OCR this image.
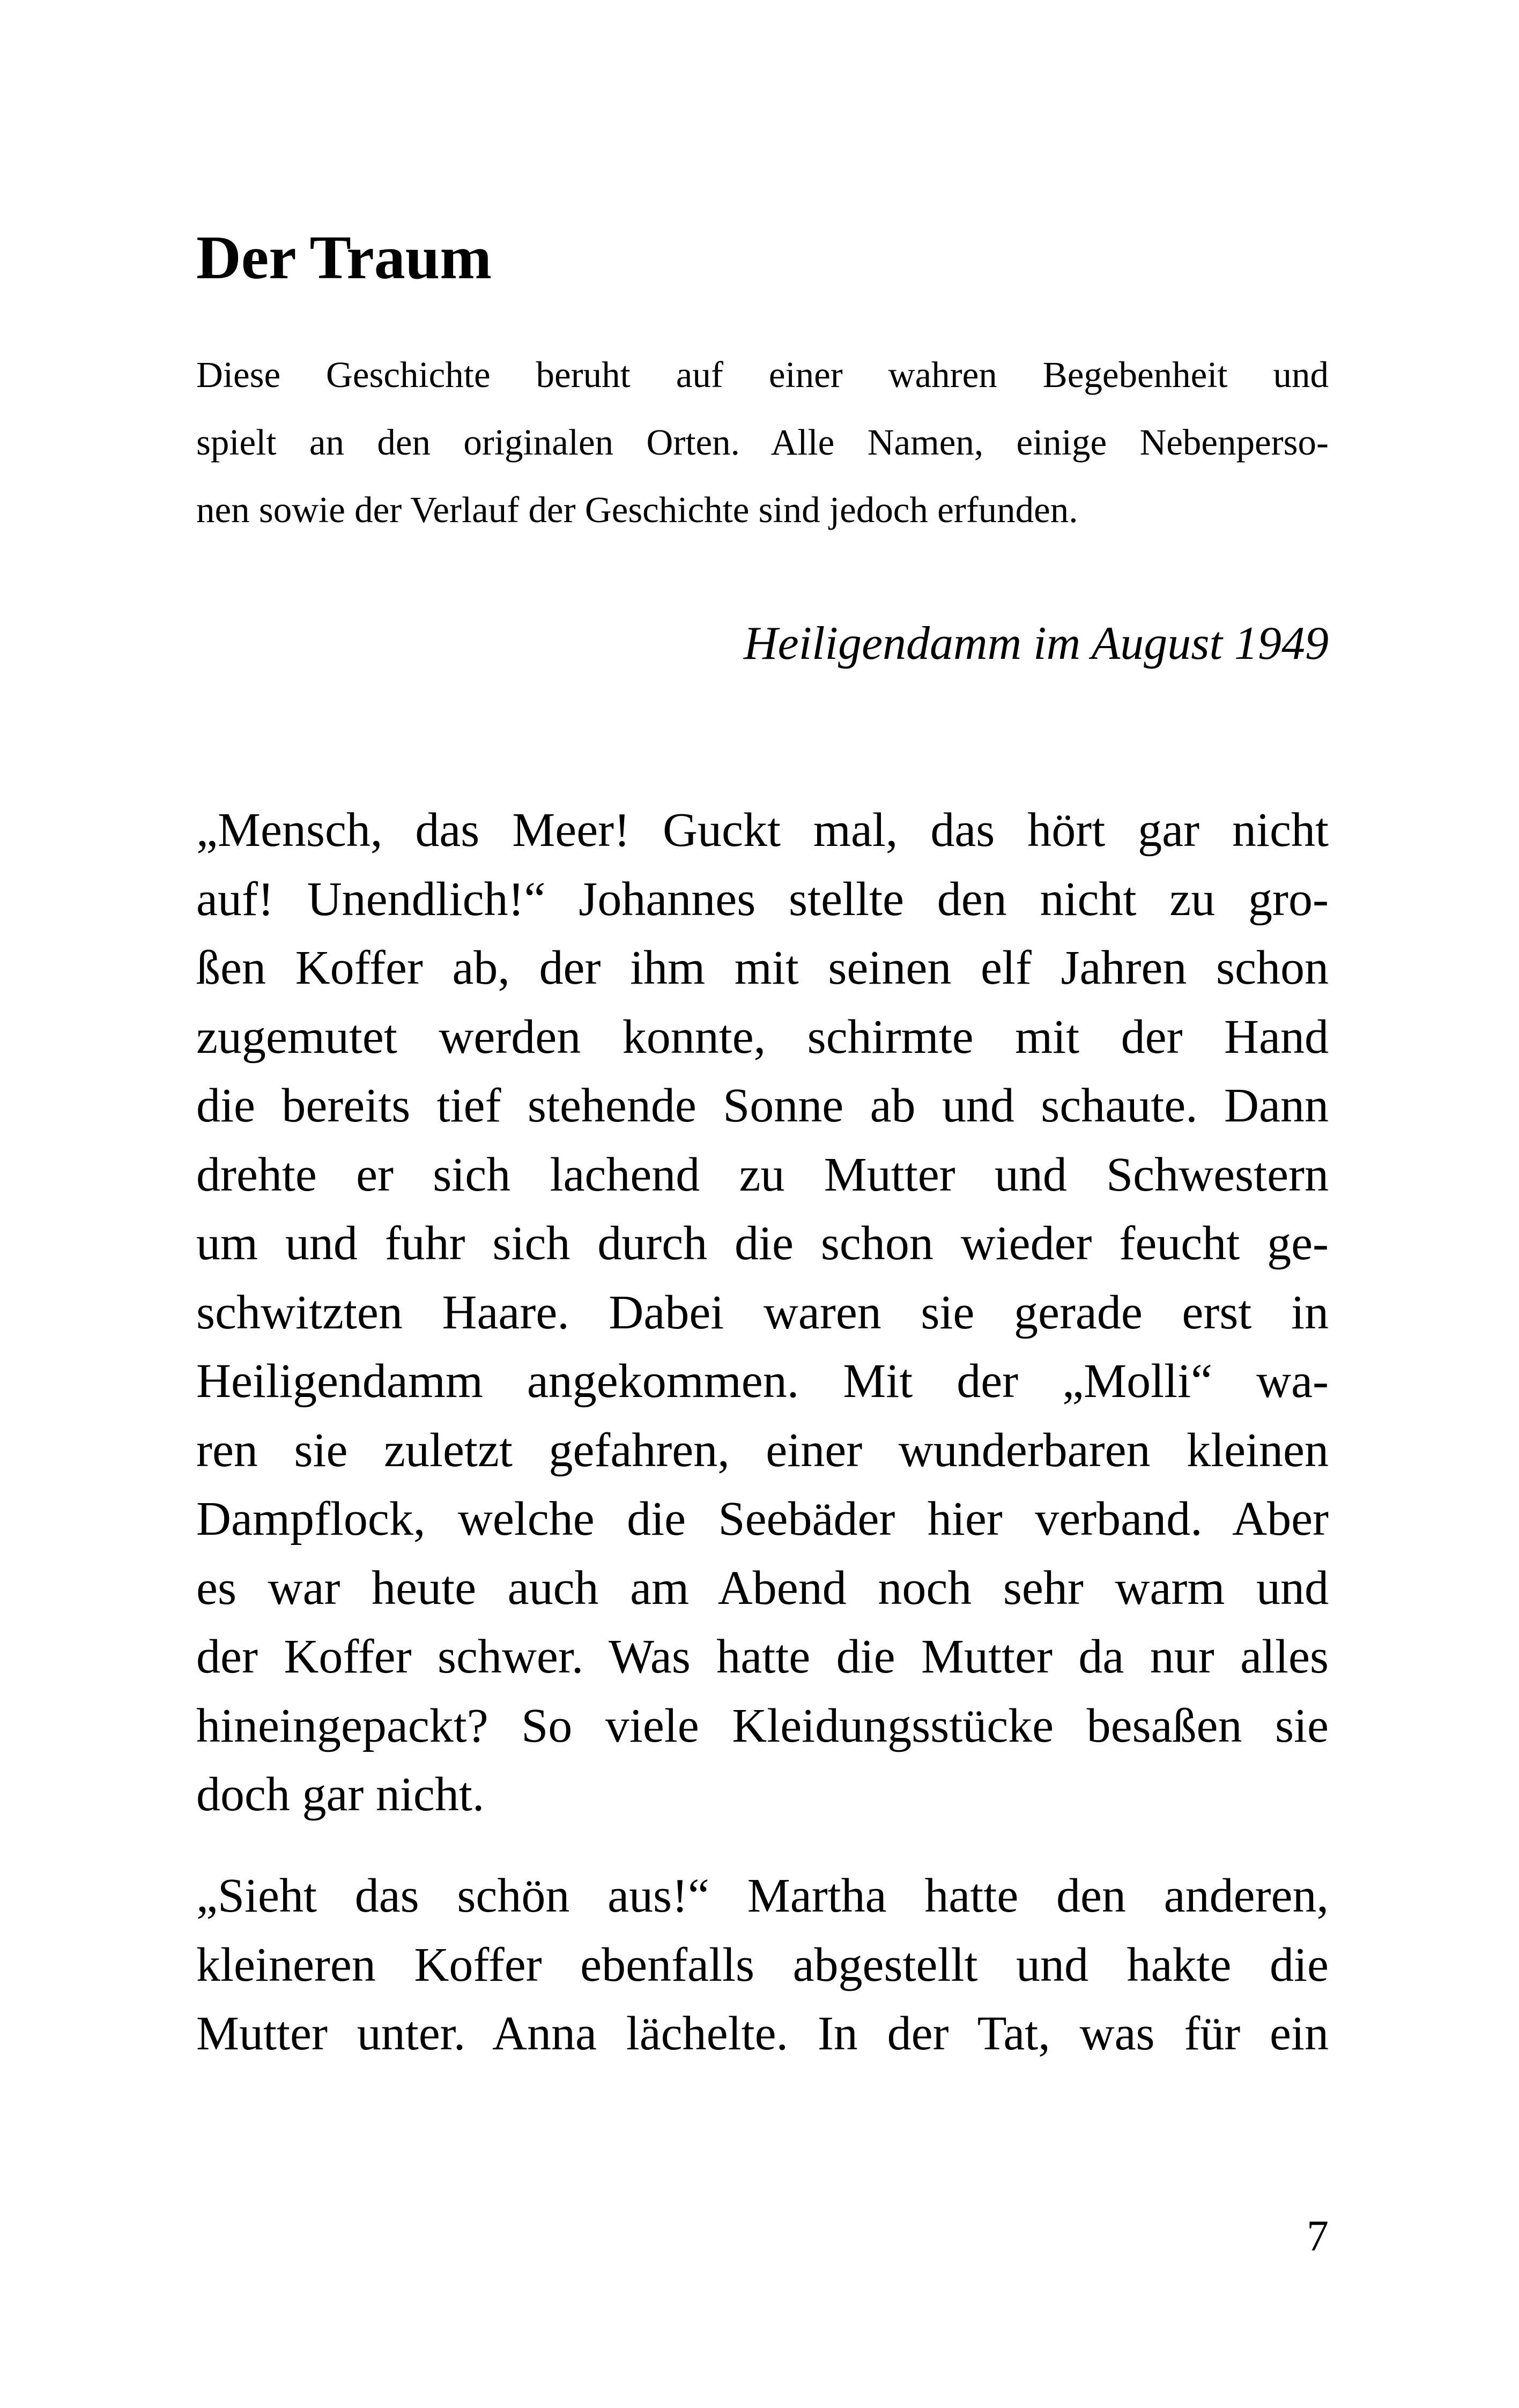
Der Traum

Diese Geschichte beruht auf einer wahren Begebenheit und
spielt an den originalen Orten. Alle Namen, einige Nebenperso-
nen sowie der Verlauf der Geschichte sind jedoch erfunden.

Heiligendamm im August 1949

„Mensch, das Meer! Guckt mal, das hört gar nicht
auf! Unendlich!“ Johannes stellte den nicht zu gro-
ßen Koffer ab, der ihm mit seinen elf Jahren schon
zugemutet werden konnte, schirmte mit der Hand
die bereits tief stehende Sonne ab und schaute. Dann
drehte er sich lachend zu Mutter und Schwestern
um und fuhr sich durch die schon wieder feucht ge-
schwitzten Haare. Dabei waren sie gerade erst in
Heiligendamm angekommen. Mit der „Molli“ wa-
ren sie zuletzt gefahren, einer wunderbaren kleinen
Dampflock, welche die Seebäder hier verband. Aber
es war heute auch am Abend noch sehr warm und
der Koffer schwer. Was hatte die Mutter da nur alles
hineingepackt? So viele Kleidungsstücke besaßen sie
doch gar nicht.

„Sieht das schön aus!“ Martha hatte den anderen,
kleineren Koffer ebenfalls abgestellt und hakte die
Mutter unter. Anna lächelte. In der Tat, was für ein

7
